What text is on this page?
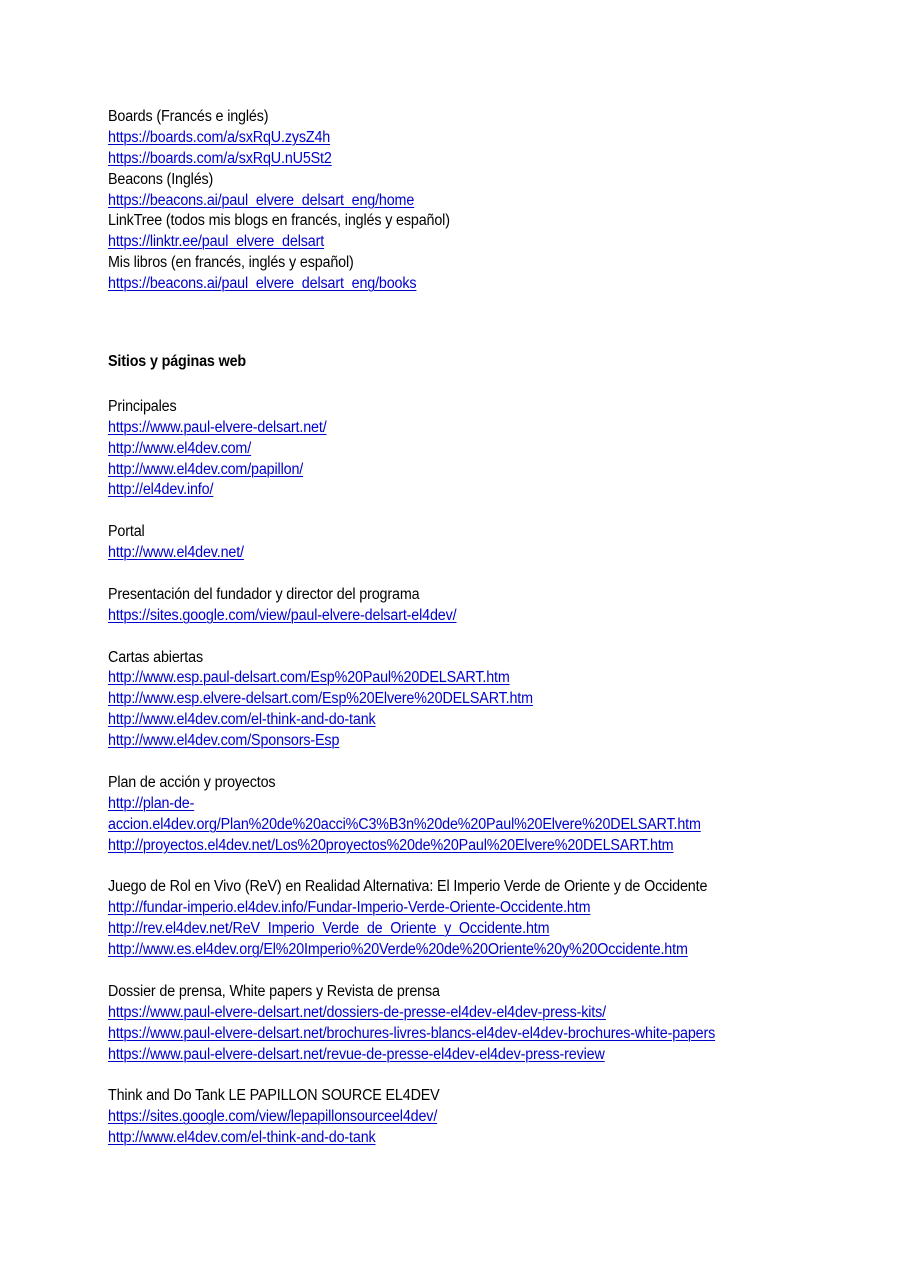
Boards (Francés e inglés)
https://boards.com/a/sxRqU.zysZ4h
https://boards.com/a/sxRqU.nU5St2
Beacons (Inglés)
https://beacons.ai/paul_elvere_delsart_eng/home
LinkTree (todos mis blogs en francés, inglés y español)
https://linktr.ee/paul_elvere_delsart
Mis libros (en francés, inglés y español)
https://beacons.ai/paul_elvere_delsart_eng/books
Sitios y páginas web
Principales
https://www.paul-elvere-delsart.net/
http://www.el4dev.com/
http://www.el4dev.com/papillon/
http://el4dev.info/
Portal
http://www.el4dev.net/
Presentación del fundador y director del programa
https://sites.google.com/view/paul-elvere-delsart-el4dev/
Cartas abiertas
http://www.esp.paul-delsart.com/Esp%20Paul%20DELSART.htm
http://www.esp.elvere-delsart.com/Esp%20Elvere%20DELSART.htm
http://www.el4dev.com/el-think-and-do-tank
http://www.el4dev.com/Sponsors-Esp
Plan de acción y proyectos
http://plan-de-
accion.el4dev.org/Plan%20de%20acci%C3%B3n%20de%20Paul%20Elvere%20DELSART.htm
http://proyectos.el4dev.net/Los%20proyectos%20de%20Paul%20Elvere%20DELSART.htm
Juego de Rol en Vivo (ReV) en Realidad Alternativa: El Imperio Verde de Oriente y de Occidente
http://fundar-imperio.el4dev.info/Fundar-Imperio-Verde-Oriente-Occidente.htm
http://rev.el4dev.net/ReV_Imperio_Verde_de_Oriente_y_Occidente.htm
http://www.es.el4dev.org/El%20Imperio%20Verde%20de%20Oriente%20y%20Occidente.htm
Dossier de prensa, White papers y Revista de prensa
https://www.paul-elvere-delsart.net/dossiers-de-presse-el4dev-el4dev-press-kits/
https://www.paul-elvere-delsart.net/brochures-livres-blancs-el4dev-el4dev-brochures-white-papers
https://www.paul-elvere-delsart.net/revue-de-presse-el4dev-el4dev-press-review
Think and Do Tank LE PAPILLON SOURCE EL4DEV
https://sites.google.com/view/lepapillonsourceel4dev/
http://www.el4dev.com/el-think-and-do-tank
